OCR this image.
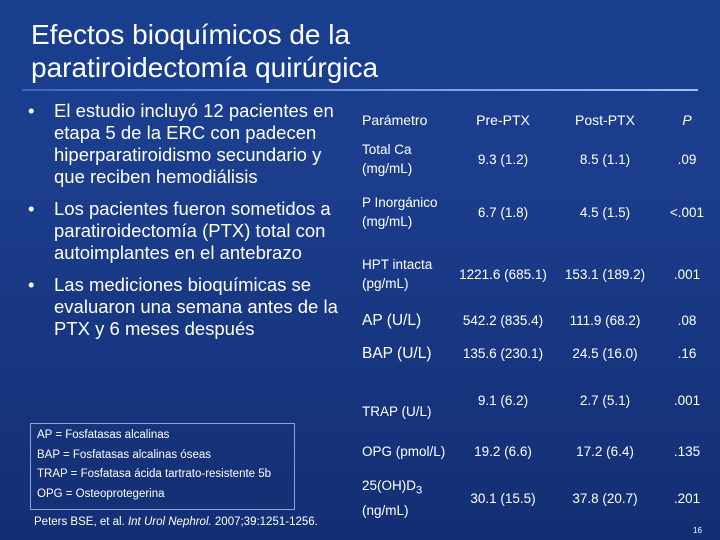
Efectos bioquímicos de la
paratiroidectomía quirúrgica
•	El estudio incluyó 12 pacientes en etapa 5 de la ERC con padecen hiperparatiroidismo secundario y que reciben hemodiálisis
•	Los pacientes fueron sometidos a paratiroidectomía (PTX) total con autoimplantes en el antebrazo
•	Las mediciones bioquímicas se evaluaron una semana antes de la PTX y 6 meses después
AP = Fosfatasas alcalinas
BAP = Fosfatasas alcalinas óseas
TRAP = Fosfatasa ácida tartrato-resistente 5b
OPG = Osteoprotegerina
Peters BSE, et al. Int Urol Nephrol. 2007;39:1251-1256.
Parámetro	Pre-PTX	Post-PTX	P
Total Ca (mg/mL)	9.3 (1.2)	8.5 (1.1)	.09
P Inorgánico (mg/mL)	6.7 (1.8)	4.5 (1.5)	<.001
HPT intacta (pg/mL)	1221.6 (685.1)	153.1 (189.2)	.001
AP (U/L)	542.2 (835.4)	111.9 (68.2)	.08
BAP (U/L)	135.6 (230.1)	24.5 (16.0)	.16
TRAP (U/L)	9.1 (6.2)	2.7 (5.1)	.001
OPG (pmol/L)	19.2 (6.6)	17.2 (6.4)	.135
$25(OH)D_3$
(ng/mL)	30.1 (15.5)	37.8 (20.7)	.201
16
